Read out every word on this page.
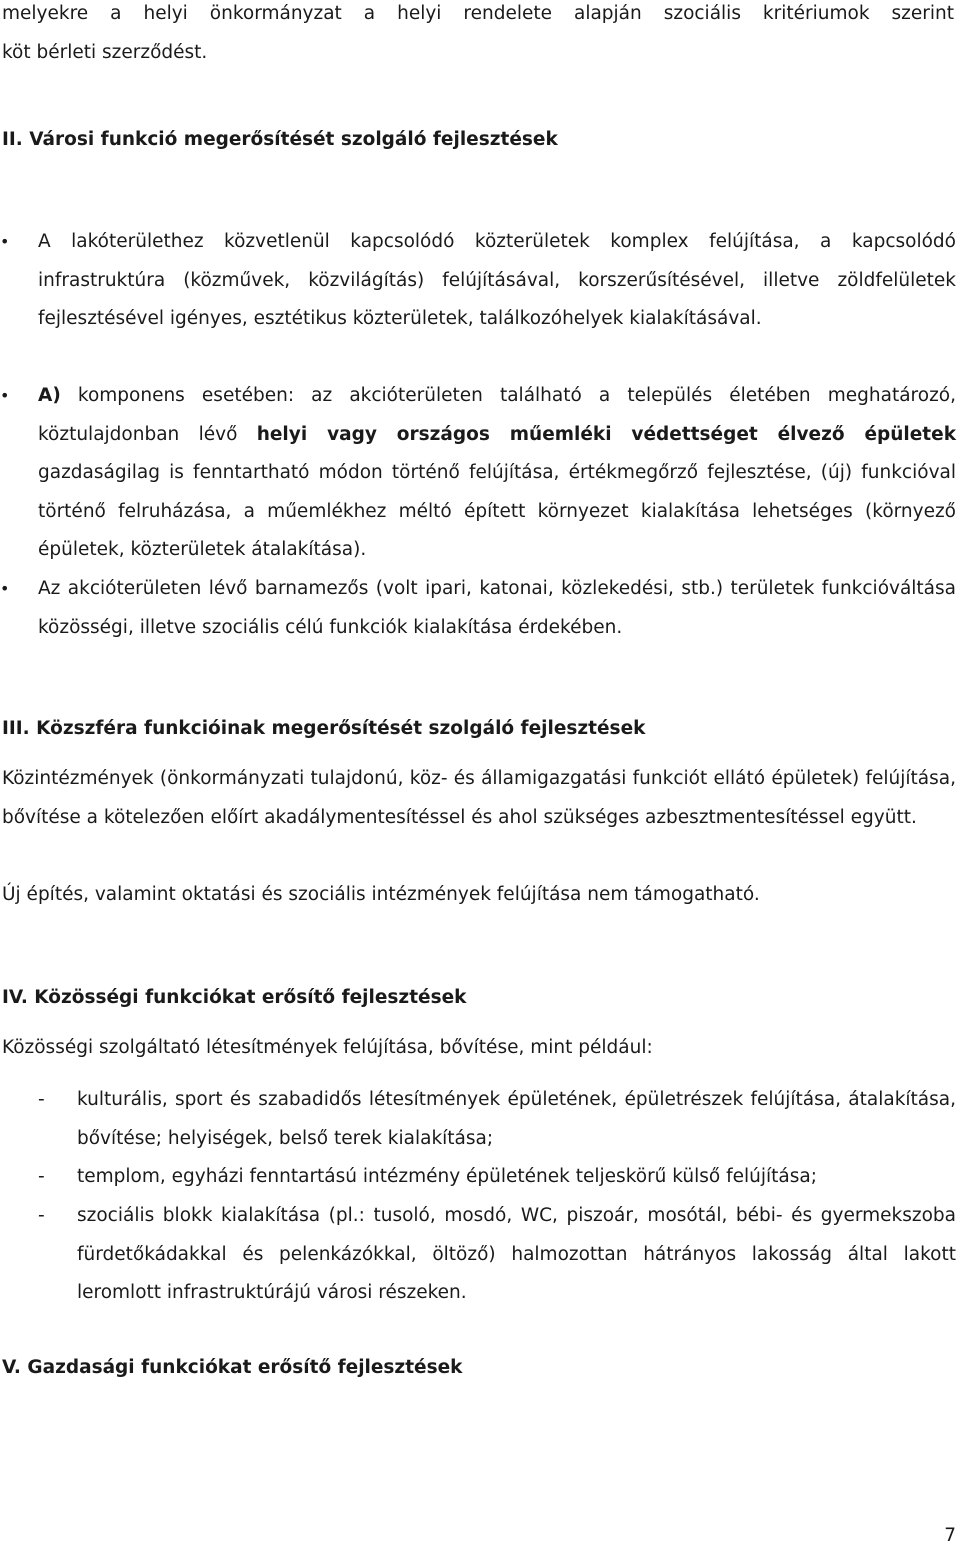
melyekre a helyi önkormányzat a helyi rendelete alapján szociális kritériumok szerint

köt bérleti szerződést.

II. Városi funkció megerősítését szolgáló fejlesztések
• A lakóterülethez közvetlenül kapcsolódó közterületek komplex felújítása, a kapcsolódó infrastruktúra (közművek, közvilágítás) felújításával, korszerűsítésével, illetve zöldfelületek fejlesztésével igényes, esztétikus közterületek, találkozóhelyek kialakításával.

• A) komponens esetében: az akcióterületen található a település életében meghatározó, köztulajdonban lévő helyi vagy országos műemléki védettséget élvező épületek gazdaságilag is fenntartható módon történő felújítása, értékmegőrző fejlesztése, (új) funkcióval történő felruházása, a műemlékhez méltó épített környezet kialakítása lehetséges (környező épületek, közterületek átalakítása).

• Az akcióterületen lévő barnamezős (volt ipari, katonai, közlekedési, stb.) területek funkcióváltása közösségi, illetve szociális célú funkciók kialakítása érdekében.

III. Közszféra funkcióinak megerősítését szolgáló fejlesztések

Közintézmények (önkormányzati tulajdonú, köz- és államigazgatási funkciót ellátó épületek) felújítása, bővítése a kötelezően előírt akadálymentesítéssel és ahol szükséges azbesztmentesítéssel együtt.

Új építés, valamint oktatási és szociális intézmények felújítása nem támogatható.

IV. Közösségi funkciókat erősítő fejlesztések

Közösségi szolgáltató létesítmények felújítása, bővítése, mint például:

- kulturális, sport és szabadidős létesítmények épületének, épületrészek felújítása, átalakítása, bővítése; helyiségek, belső terek kialakítása;

- templom, egyházi fenntartású intézmény épületének teljeskörű külső felújítása;

- szociális blokk kialakítása (pl.: tusoló, mosdó, WC, piszoár, mosótál, bébi- és gyermekszoba fürdetőkádakkal és pelenkázókkal, öltöző) halmozottan hátrányos lakosság által lakott leromlott infrastruktúrájú városi részeken.

V. Gazdasági funkciókat erősítő fejlesztések
7
